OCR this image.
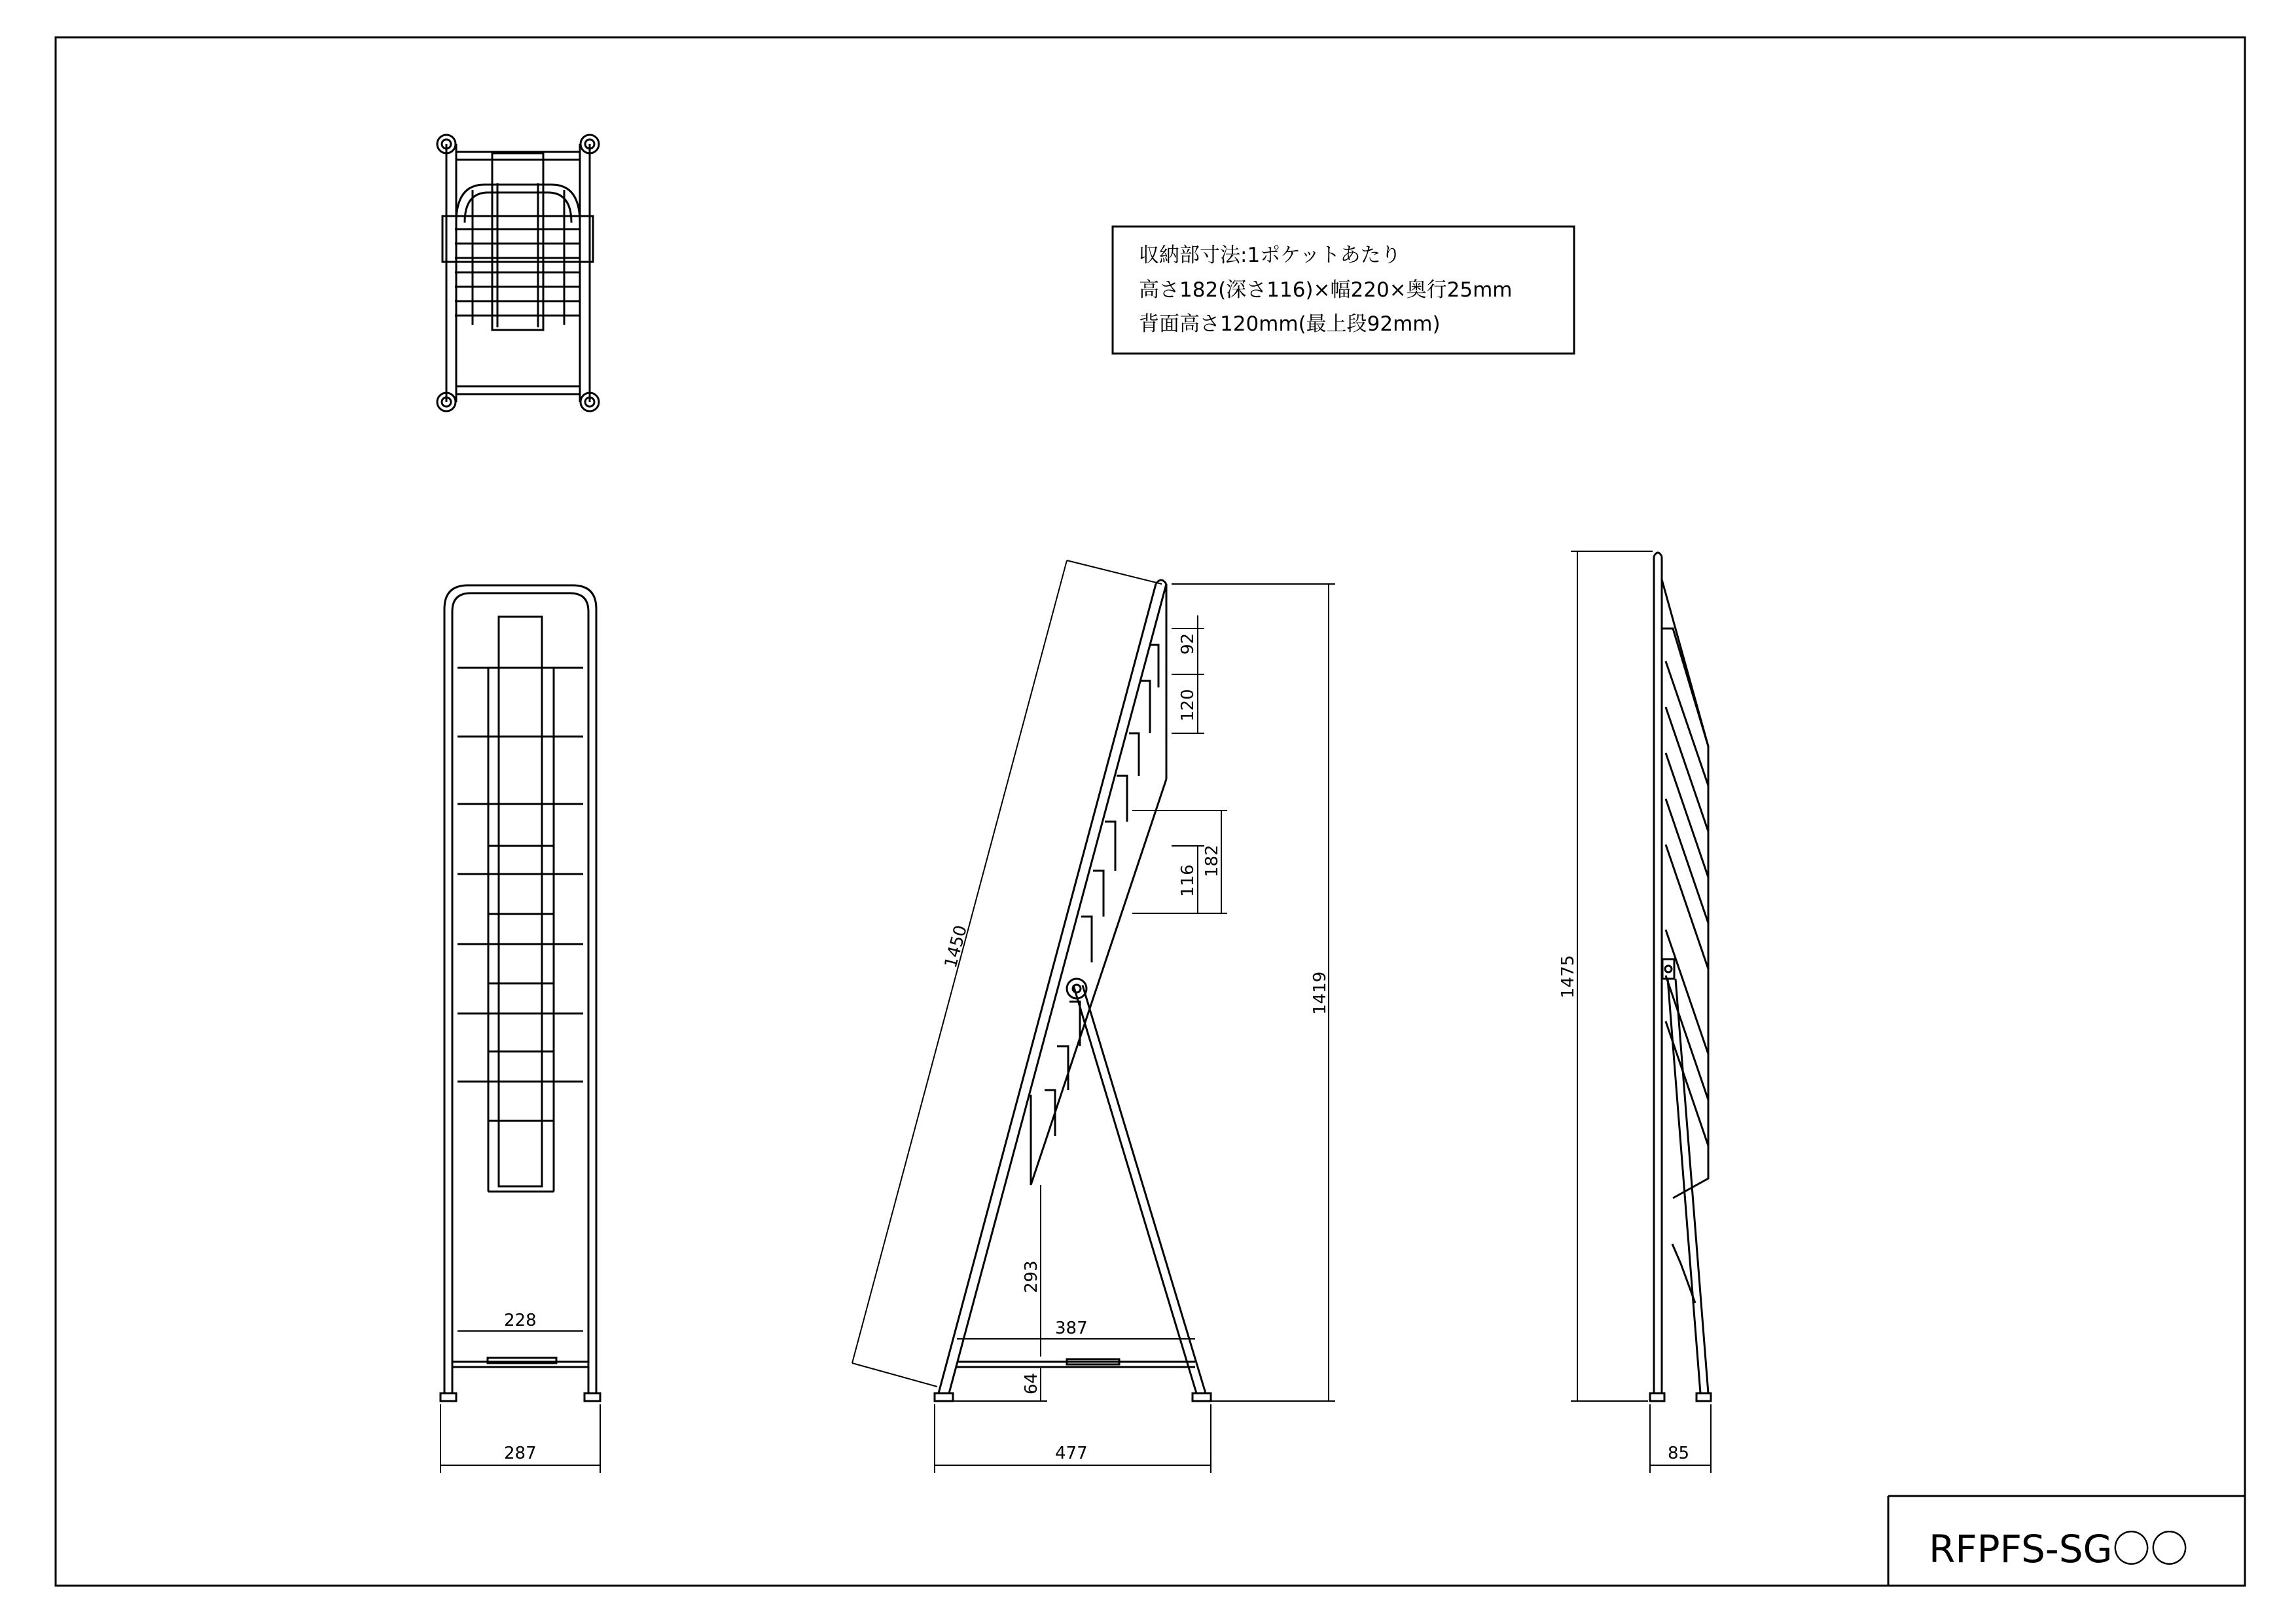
RFPFS-SG〇〇
収納部寸法:1ポケットあたり
高さ182(深さ116)×幅220×奥行25mm
背面高さ120mm(最上段92mm)
228
287
1450
1419
92
120
116
182
293
387
64
477
1475
85
